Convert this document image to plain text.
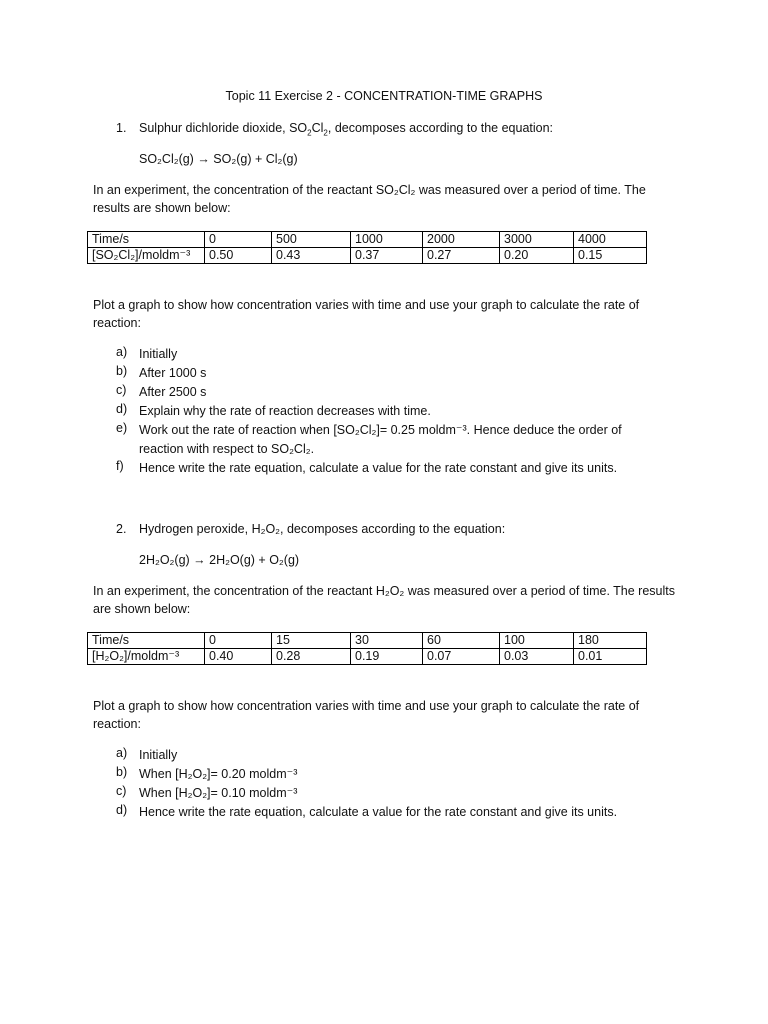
Topic 11 Exercise 2 - CONCENTRATION-TIME GRAPHS
1. Sulphur dichloride dioxide, $SO_2Cl_2$, decomposes according to the equation:
SO₂Cl₂(g) → SO₂(g) + Cl₂(g)
In an experiment, the concentration of the reactant SO₂Cl₂ was measured over a period of time. The results are shown below:
Time/s	0	500	1000	2000	3000	4000
[SO₂Cl₂]/moldm⁻³	0.50	0.43	0.37	0.27	0.20	0.15
Plot a graph to show how concentration varies with time and use your graph to calculate the rate of reaction:
a) Initially
b) After 1000 s
c)	After 2500 s
d) Explain why the rate of reaction decreases with time.
e) Work out the rate of reaction when [SO₂Cl₂]= 0.25 moldm⁻³. Hence deduce the order of reaction with respect to SO₂Cl₂.
f)	Hence write the rate equation, calculate a value for the rate constant and give its units.
2. Hydrogen peroxide, H₂O₂, decomposes according to the equation:
2H₂O₂(g) → 2H₂O(g) + O₂(g)
In an experiment, the concentration of the reactant H₂O₂ was measured over a period of time. The results are shown below:
Time/s	0	15	30	60	100	180
[H₂O₂]/moldm⁻³	0.40	0.28	0.19	0.07	0.03	0.01
Plot a graph to show how concentration varies with time and use your graph to calculate the rate of reaction:
a) Initially
b) When [H₂O₂]= 0.20 moldm⁻³
c)	When [H₂O₂]= 0.10 moldm⁻³
d) Hence write the rate equation, calculate a value for the rate constant and give its units.
